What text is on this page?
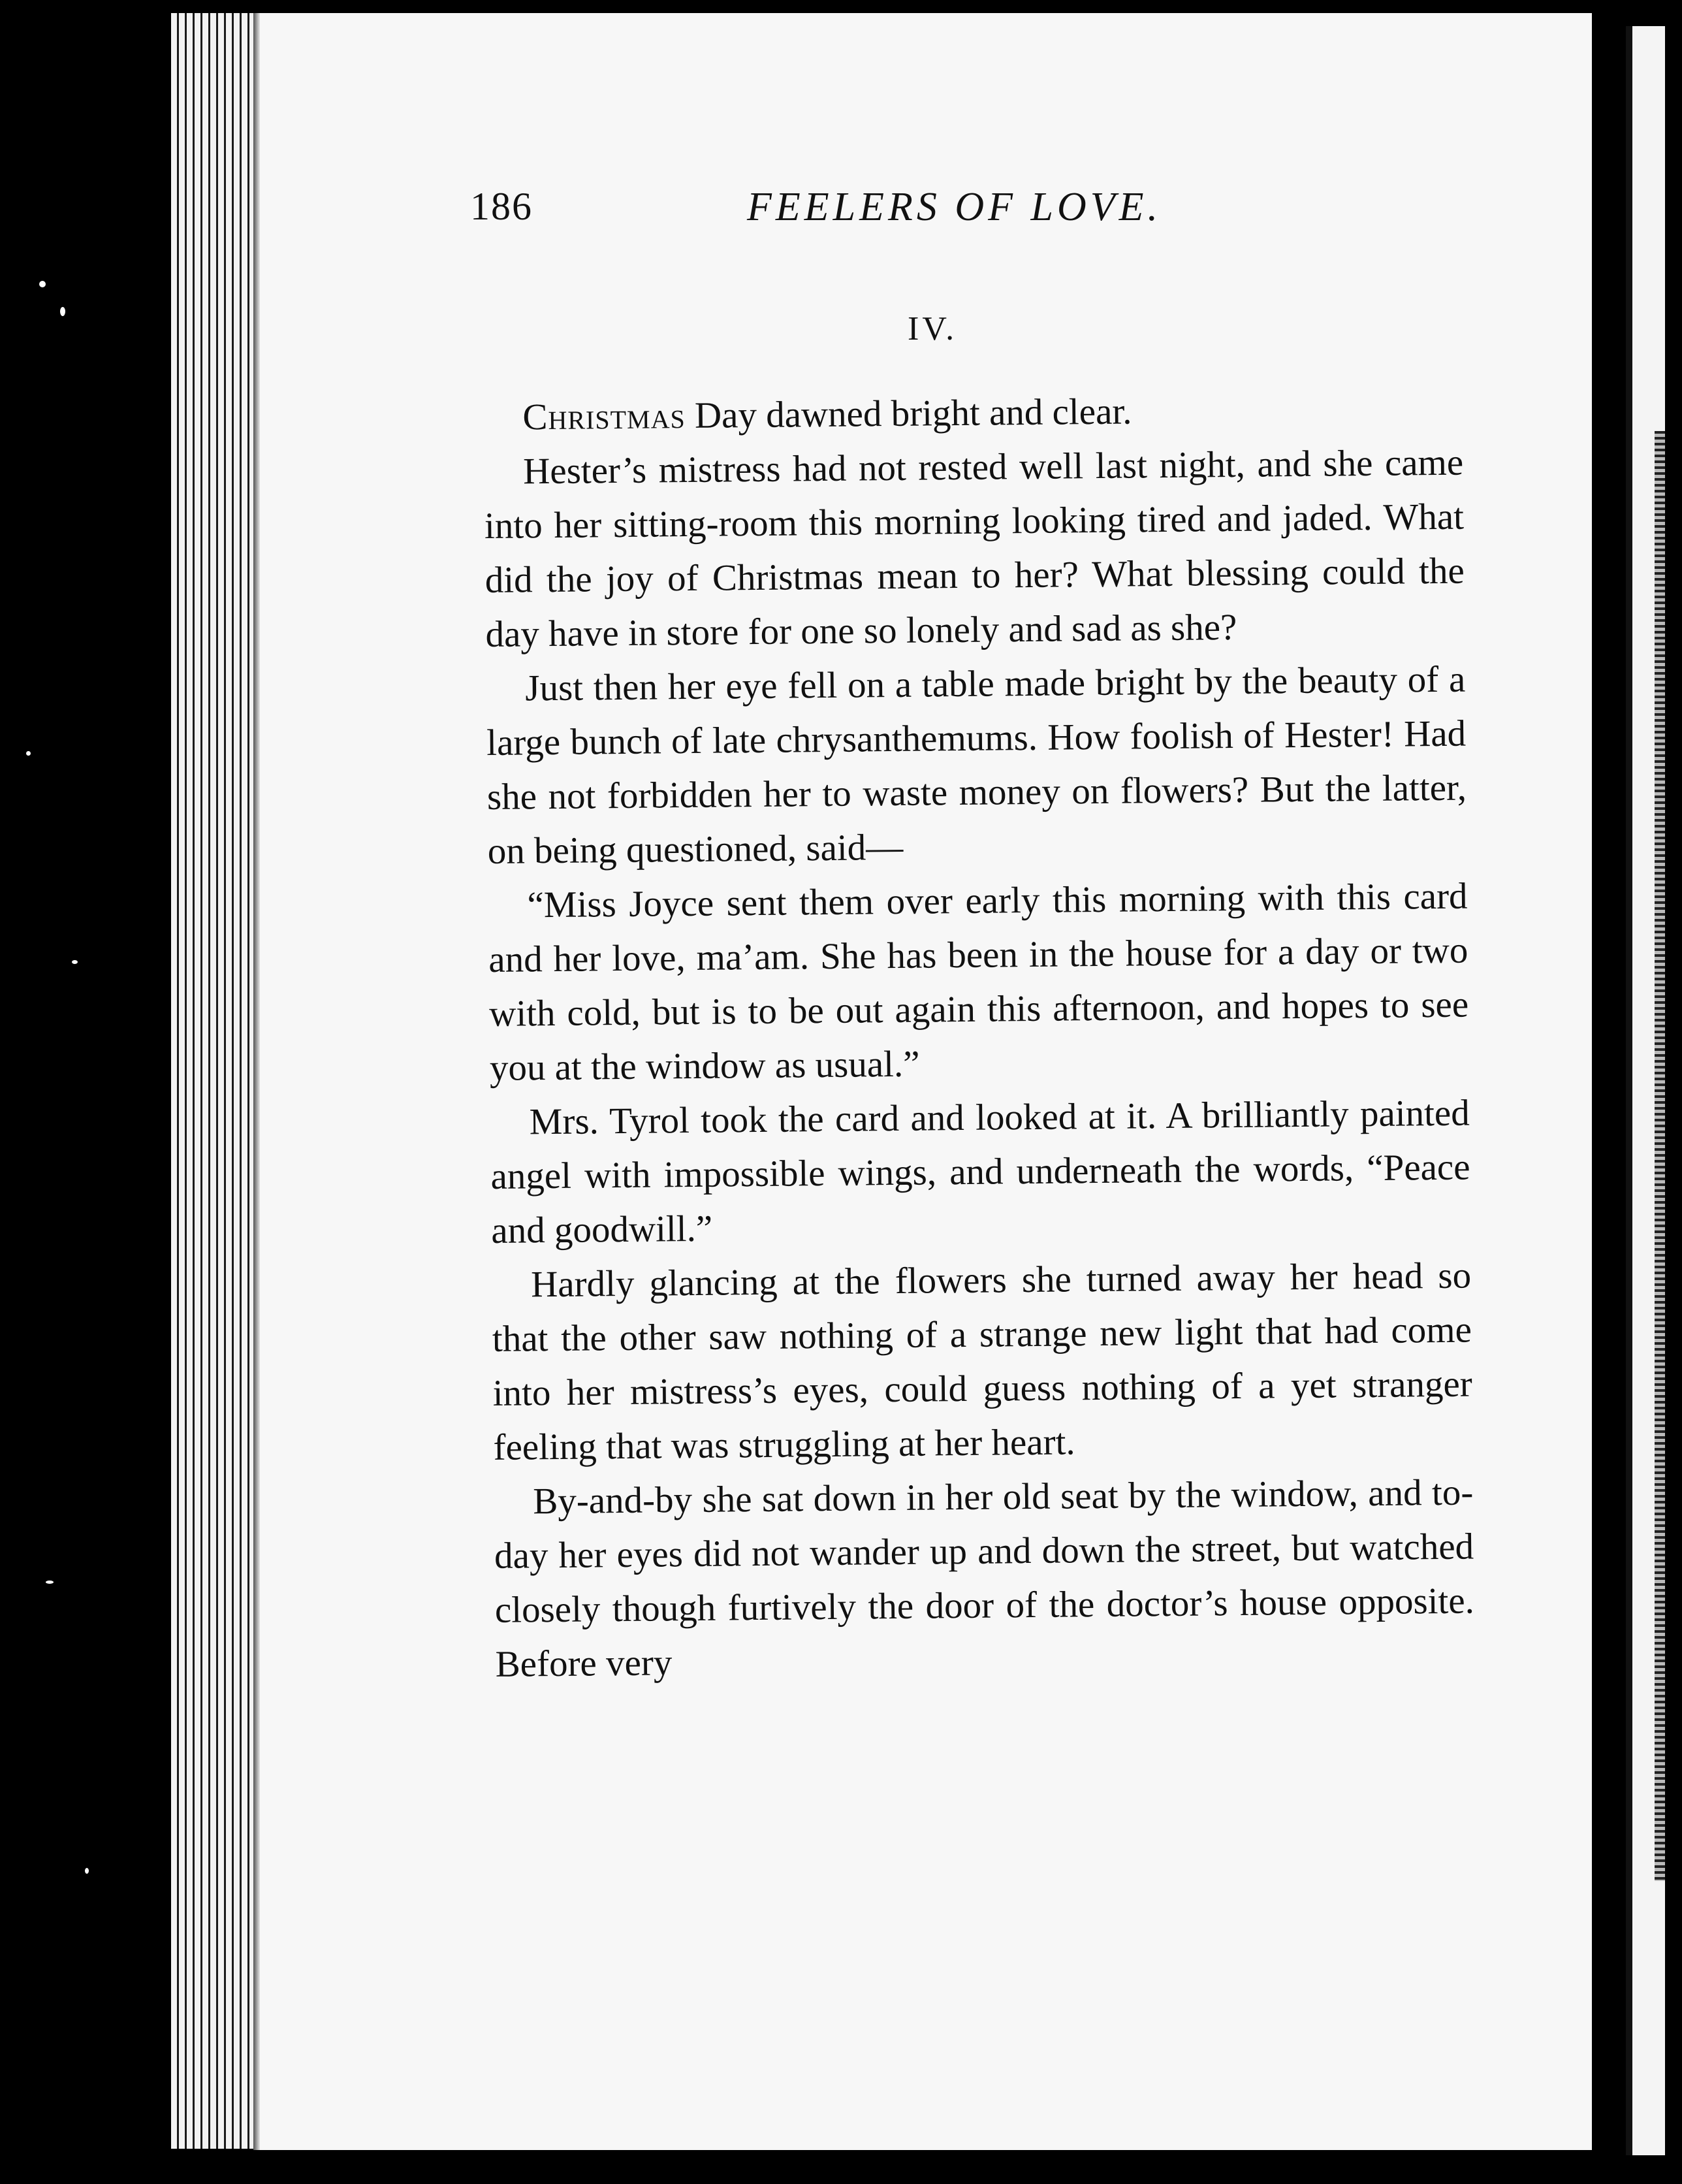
186	FEELERS OF LOVE.
IV.

Christmas Day dawned bright and clear.

Hester’s mistress had not rested well last night, and she came into her sitting-room this morning looking tired and jaded. What did the joy of Christmas mean to her? What blessing could the day have in store for one so lonely and sad as she?

Just then her eye fell on a table made bright by the beauty of a large bunch of late chrysanthemums. How foolish of Hester! Had she not forbidden her to waste money on flowers? But the latter, on being questioned, said—

“Miss Joyce sent them over early this morning with this card and her love, ma’am. She has been in the house for a day or two with cold, but is to be out again this afternoon, and hopes to see you at the window as usual.”

Mrs. Tyrol took the card and looked at it. A brilliantly painted angel with impossible wings, and underneath the words, “Peace and goodwill.”

Hardly glancing at the flowers she turned away her head so that the other saw nothing of a strange new light that had come into her mistress’s eyes, could guess nothing of a yet stranger feeling that was struggling at her heart.

By-and-by she sat down in her old seat by the window, and to-day her eyes did not wander up and down the street, but watched closely though furtively the door of the doctor’s house opposite. Before very
